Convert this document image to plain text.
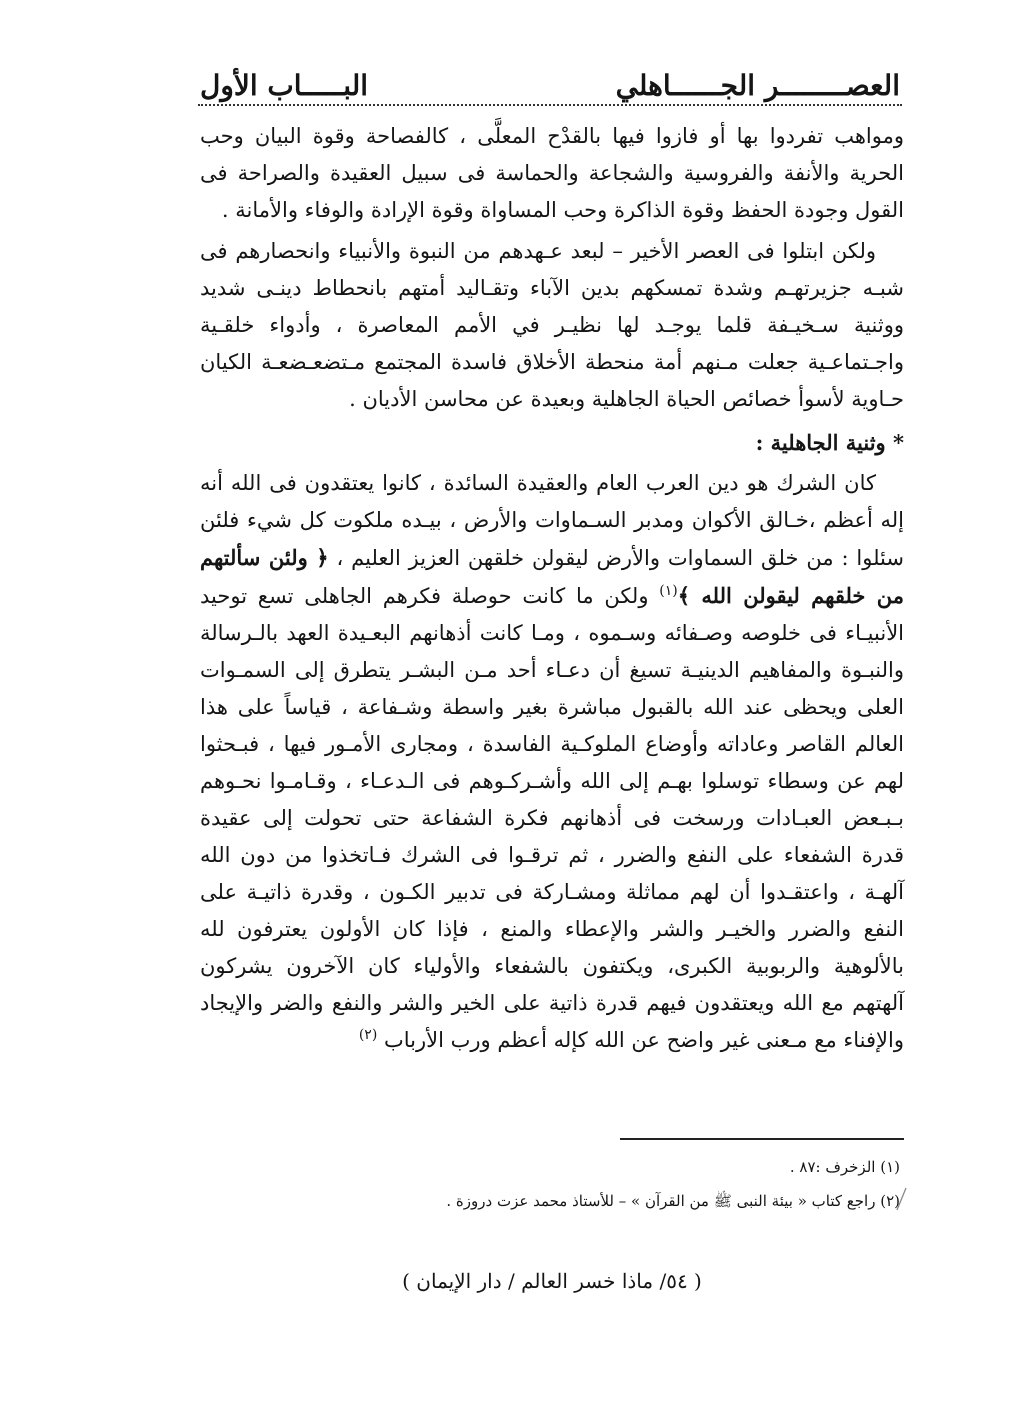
العصــــــــر الجــــــاهلي
البـــــاب الأول

ومواهب تفردوا بها أو فازوا فيها بالقدْح المعلَّى ، كالفصاحة وقوة البيان وحب الحرية والأنفة والفروسية والشجاعة والحماسة فى سبيل العقيدة والصراحة فى القول وجودة الحفظ وقوة الذاكرة وحب المساواة وقوة الإرادة والوفاء والأمانة .

ولكن ابتلوا فى العصر الأخير – لبعد عـهدهم من النبوة والأنبياء وانحصارهم فى شبـه جزيرتهـم وشدة تمسكهم بدين الآباء وتقـاليد أمتهم بانحطاط دينـى شديد ووثنية سـخيـفة قلما يوجـد لها نظيـر في الأمم المعاصرة ، وأدواء خلقـية واجـتماعـية جعلت مـنهم أمة منحطة الأخلاق فاسدة المجتمع مـتضعـضعـة الكيان حـاوية لأسوأ خصائص الحياة الجاهلية وبعيدة عن محاسن الأديان .

* وثنية الجاهلية :

كان الشرك هو دين العرب العام والعقيدة السائدة ، كانوا يعتقدون فى الله أنه إله أعظم ،خـالق الأكوان ومدبر السـماوات والأرض ، بيـده ملكوت كل شيء فلئن سئلوا : من خلق السماوات والأرض ليقولن خلقهن العزيز العليم ، ﴿ ولئن سألتهم من خلقهم ليقولن الله ﴾$^{(١)}$ ولكن ما كانت حوصلة فكرهم الجاهلى تسع توحيد الأنبيـاء فى خلوصه وصـفائه وسـموه ، ومـا كانت أذهانهم البعـيدة العهد بالـرسالة والنبـوة والمفاهيم الدينيـة تسيغ أن دعـاء أحد مـن البشـر يتطرق إلى السمـوات العلى ويحظى عند الله بالقبول مباشرة بغير واسطة وشـفاعة ، قياساً على هذا العالم القاصر وعاداته وأوضاع الملوكـية الفاسدة ، ومجارى الأمـور فيها ، فبـحثوا لهم عن وسطاء توسلوا بهـم إلى الله وأشـركـوهم فى الـدعـاء ، وقـامـوا نحـوهم بـبـعض العبـادات ورسخت فى أذهانهم فكرة الشفاعة حتى تحولت إلى عقيدة قدرة الشفعاء على النفع والضرر ، ثم ترقـوا فى الشرك فـاتخذوا من دون الله آلهـة ، واعتقـدوا أن لهم مماثلة ومشـاركة فى تدبير الكـون ، وقدرة ذاتيـة على النفع والضرر والخيـر والشر والإعطاء والمنع ، فإذا كان الأولون يعترفون لله بالألوهية والربوبية الكبرى، ويكتفون بالشفعاء والأولياء كان الآخرون يشركون آلهتهم مع الله ويعتقدون فيهم قدرة ذاتية على الخير والشر والنفع والضر والإيجاد والإفناء مع مـعنى غير واضح عن الله كإله أعظم ورب الأرباب $^{(٢)}$

(١) الزخرف :٨٧ .

(٢) راجع كتاب « بيئة النبى ﷺ من القرآن » – للأستاذ محمد عزت دروزة .

( ٥٤/ ماذا خسر العالم / دار الإيمان )
